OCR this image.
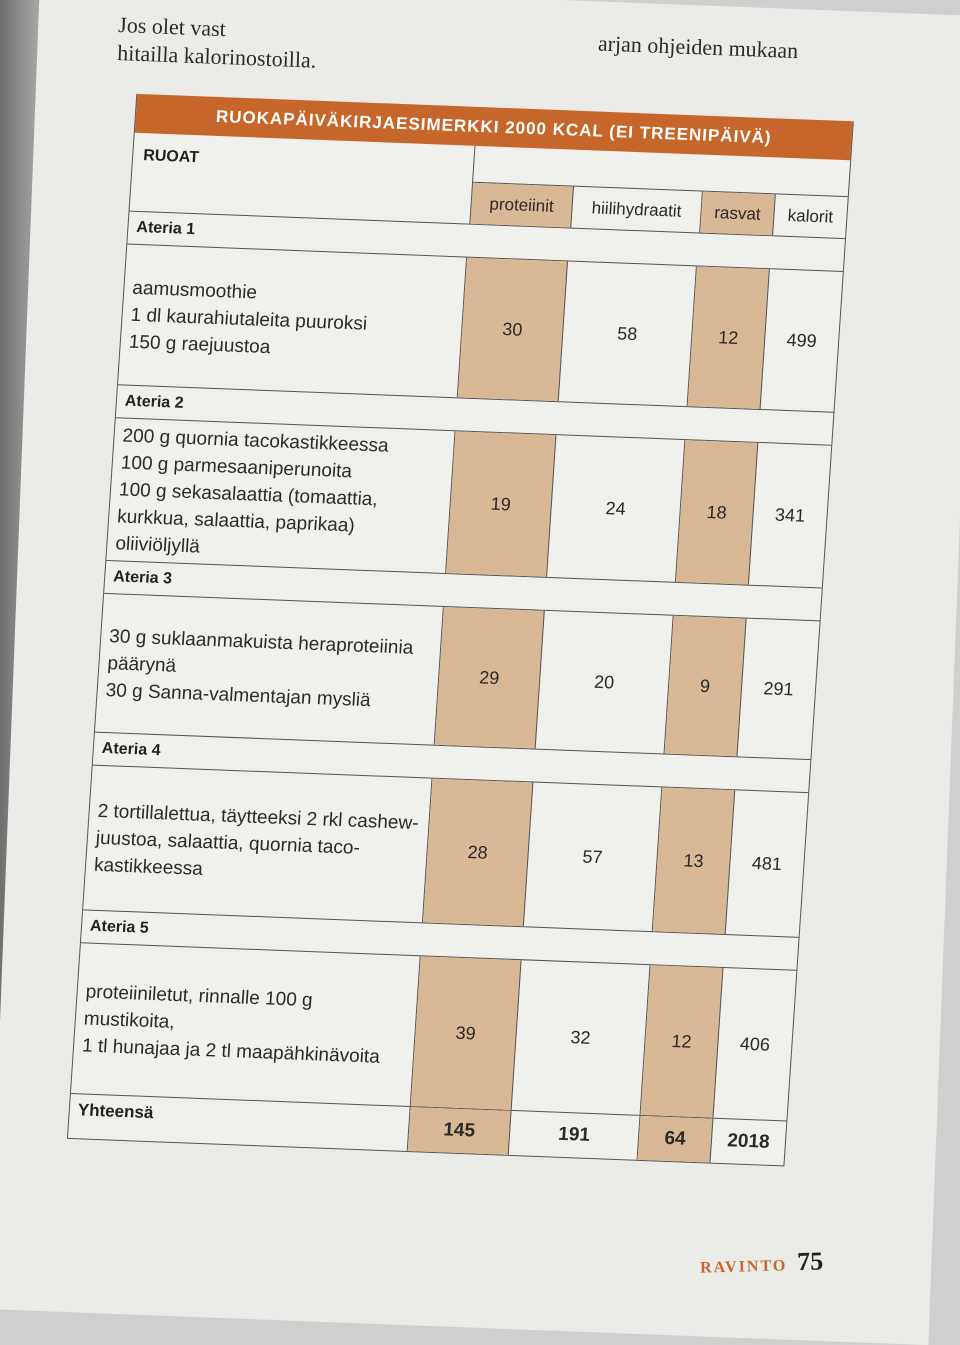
Jos olet vast
hitailla kalorinostoilla.	arjan ohjeiden mukaan
RUOKAPÄIVÄKIRJAESIMERKKI 2000 KCAL (EI TREENIPÄIVÄ)
RUOAT
proteiinit	hiilihydraatit	rasvat	kalorit
Ateria 1
aamusmoothie
1 dl kaurahiutaleita puuroksi
150 g raejuustoa
30	58	12	499
Ateria 2
200 g quornia tacokastikkeessa
100 g parmesaaniperunoita
100 g sekasalaattia (tomaattia,
kurkkua, salaattia, paprikaa) oliiviöljyllä
19	24	18	341
Ateria 3
30 g suklaanmakuista heraproteiinia
päärynä
30 g Sanna-valmentajan mysliä
29	20	9	291
Ateria 4
2 tortillalettua, täytteeksi 2 rkl cashew-
juustoa, salaattia, quornia taco-
kastikkeessa
28	57	13	481
Ateria 5
proteiiniletut, rinnalle 100 g mustikoita,
1 tl hunajaa ja 2 tl maapähkinävoita
39	32	12	406
Yhteensä
145	191	64	2018
RAVINTO 75
